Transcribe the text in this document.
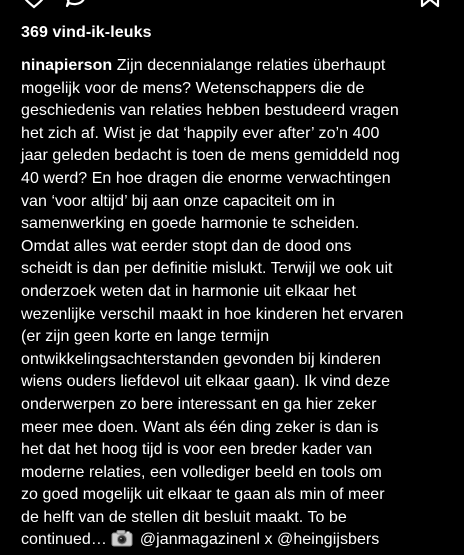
369 vind-ik-leuks
ninapierson Zijn decennialange relaties überhaupt
mogelijk voor de mens? Wetenschappers die de
geschiedenis van relaties hebben bestudeerd vragen
het zich af. Wist je dat ‘happily ever after’ zo’n 400
jaar geleden bedacht is toen de mens gemiddeld nog
40 werd? En hoe dragen die enorme verwachtingen
van ‘voor altijd’ bij aan onze capaciteit om in
samenwerking en goede harmonie te scheiden.
Omdat alles wat eerder stopt dan de dood ons
scheidt is dan per definitie mislukt. Terwijl we ook uit
onderzoek weten dat in harmonie uit elkaar het
wezenlijke verschil maakt in hoe kinderen het ervaren
(er zijn geen korte en lange termijn
ontwikkelingsachterstanden gevonden bij kinderen
wiens ouders liefdevol uit elkaar gaan). Ik vind deze
onderwerpen zo bere interessant en ga hier zeker
meer mee doen. Want als één ding zeker is dan is
het dat het hoog tijd is voor een breder kader van
moderne relaties, een vollediger beeld en tools om
zo goed mogelijk uit elkaar te gaan als min of meer
de helft van de stellen dit besluit maakt. To be
continued…  @janmagazinenl x @heingijsbers
